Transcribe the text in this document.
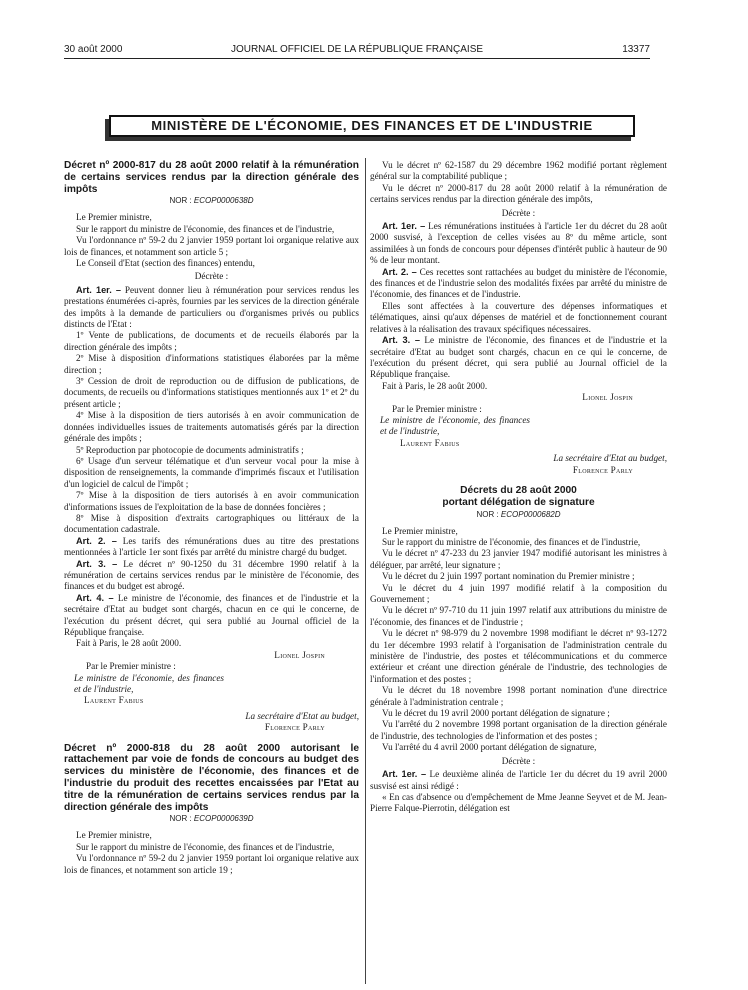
30 août 2000	JOURNAL OFFICIEL DE LA RÉPUBLIQUE FRANÇAISE	13377
MINISTÈRE DE L'ÉCONOMIE, DES FINANCES ET DE L'INDUSTRIE
Décret nº 2000-817 du 28 août 2000 relatif à la rémunération de certains services rendus par la direction générale des impôts
NOR : ECOP0000638D

Le Premier ministre,

Sur le rapport du ministre de l'économie, des finances et de l'industrie,

Vu l'ordonnance nº 59-2 du 2 janvier 1959 portant loi organique relative aux lois de finances, et notamment son article 5 ;

Le Conseil d'Etat (section des finances) entendu,

Décrète :

Art. 1er. – Peuvent donner lieu à rémunération pour services rendus les prestations énumérées ci-après, fournies par les services de la direction générale des impôts à la demande de particuliers ou d'organismes privés ou publics distincts de l'Etat :

1º Vente de publications, de documents et de recueils élaborés par la direction générale des impôts ;

2º Mise à disposition d'informations statistiques élaborées par la même direction ;

3º Cession de droit de reproduction ou de diffusion de publications, de documents, de recueils ou d'informations statistiques mentionnés aux 1º et 2º du présent article ;

4º Mise à la disposition de tiers autorisés à en avoir communication de données individuelles issues de traitements automatisés gérés par la direction générale des impôts ;

5º Reproduction par photocopie de documents administratifs ;

6º Usage d'un serveur télématique et d'un serveur vocal pour la mise à disposition de renseignements, la commande d'imprimés fiscaux et l'utilisation d'un logiciel de calcul de l'impôt ;

7º Mise à la disposition de tiers autorisés à en avoir communication d'informations issues de l'exploitation de la base de données foncières ;

8º Mise à disposition d'extraits cartographiques ou littéraux de la documentation cadastrale.

Art. 2. – Les tarifs des rémunérations dues au titre des prestations mentionnées à l'article 1er sont fixés par arrêté du ministre chargé du budget.

Art. 3. – Le décret nº 90-1250 du 31 décembre 1990 relatif à la rémunération de certains services rendus par le ministère de l'économie, des finances et du budget est abrogé.

Art. 4. – Le ministre de l'économie, des finances et de l'industrie et la secrétaire d'Etat au budget sont chargés, chacun en ce qui le concerne, de l'exécution du présent décret, qui sera publié au Journal officiel de la République française.

Fait à Paris, le 28 août 2000.

Lionel Jospin

Par le Premier ministre :

Le ministre de l'économie, des finances et de l'industrie,

Laurent Fabius

La secrétaire d'Etat au budget,

Florence Parly

Décret nº 2000-818 du 28 août 2000 autorisant le rattachement par voie de fonds de concours au budget des services du ministère de l'économie, des finances et de l'industrie du produit des recettes encaissées par l'Etat au titre de la rémunération de certains services rendus par la direction générale des impôts
NOR : ECOP0000639D

Le Premier ministre,

Sur le rapport du ministre de l'économie, des finances et de l'industrie,

Vu l'ordonnance nº 59-2 du 2 janvier 1959 portant loi organique relative aux lois de finances, et notamment son article 19 ;

Vu le décret nº 62-1587 du 29 décembre 1962 modifié portant règlement général sur la comptabilité publique ;

Vu le décret nº 2000-817 du 28 août 2000 relatif à la rémunération de certains services rendus par la direction générale des impôts,

Décrète :

Art. 1er. – Les rémunérations instituées à l'article 1er du décret du 28 août 2000 susvisé, à l'exception de celles visées au 8º du même article, sont assimilées à un fonds de concours pour dépenses d'intérêt public à hauteur de 90 % de leur montant.

Art. 2. – Ces recettes sont rattachées au budget du ministère de l'économie, des finances et de l'industrie selon des modalités fixées par arrêté du ministre de l'économie, des finances et de l'industrie.

Elles sont affectées à la couverture des dépenses informatiques et télématiques, ainsi qu'aux dépenses de matériel et de fonctionnement courant relatives à la réalisation des travaux spécifiques nécessaires.

Art. 3. – Le ministre de l'économie, des finances et de l'industrie et la secrétaire d'Etat au budget sont chargés, chacun en ce qui le concerne, de l'exécution du présent décret, qui sera publié au Journal officiel de la République française.

Fait à Paris, le 28 août 2000.

Lionel Jospin

Par le Premier ministre :

Le ministre de l'économie, des finances et de l'industrie,

Laurent Fabius

La secrétaire d'Etat au budget,

Florence Parly

Décrets du 28 août 2000
portant délégation de signature
NOR : ECOP0000682D

Le Premier ministre,

Sur le rapport du ministre de l'économie, des finances et de l'industrie,

Vu le décret nº 47-233 du 23 janvier 1947 modifié autorisant les ministres à déléguer, par arrêté, leur signature ;

Vu le décret du 2 juin 1997 portant nomination du Premier ministre ;

Vu le décret du 4 juin 1997 modifié relatif à la composition du Gouvernement ;

Vu le décret nº 97-710 du 11 juin 1997 relatif aux attributions du ministre de l'économie, des finances et de l'industrie ;

Vu le décret nº 98-979 du 2 novembre 1998 modifiant le décret nº 93-1272 du 1er décembre 1993 relatif à l'organisation de l'administration centrale du ministère de l'industrie, des postes et télécommunications et du commerce extérieur et créant une direction générale de l'industrie, des technologies de l'information et des postes ;

Vu le décret du 18 novembre 1998 portant nomination d'une directrice générale à l'administration centrale ;

Vu le décret du 19 avril 2000 portant délégation de signature ;

Vu l'arrêté du 2 novembre 1998 portant organisation de la direction générale de l'industrie, des technologies de l'information et des postes ;

Vu l'arrêté du 4 avril 2000 portant délégation de signature,

Décrète :

Art. 1er. – Le deuxième alinéa de l'article 1er du décret du 19 avril 2000 susvisé est ainsi rédigé :

« En cas d'absence ou d'empêchement de Mme Jeanne Seyvet et de M. Jean-Pierre Falque-Pierrotin, délégation est
